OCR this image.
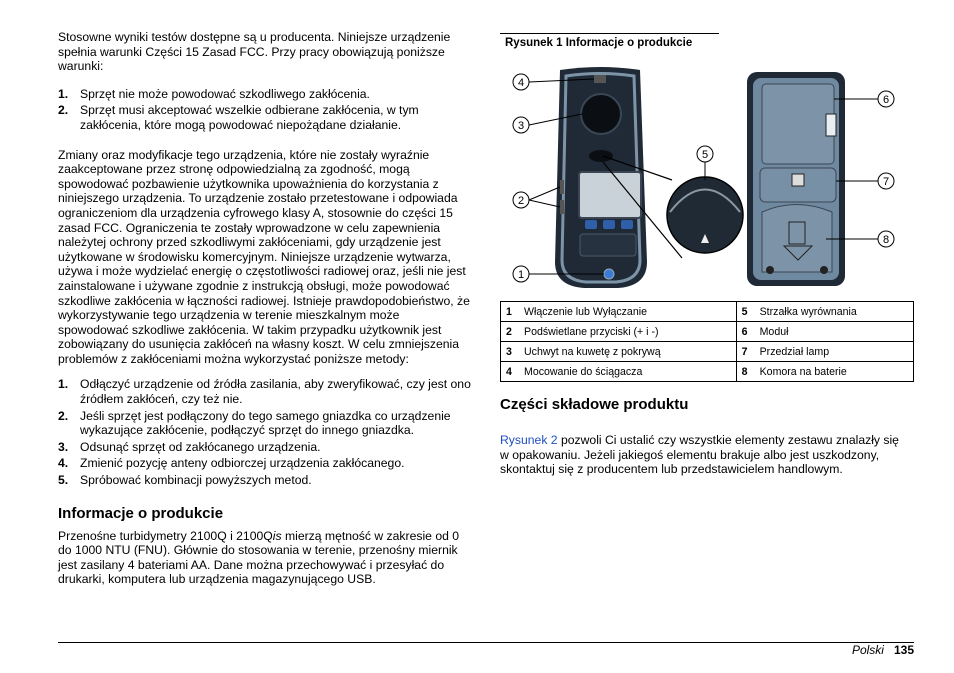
Stosowne wyniki testów dostępne są u producenta. Niniejsze urządzenie spełnia warunki Części 15 Zasad FCC. Przy pracy obowiązują poniższe warunki:

1. Sprzęt nie może powodować szkodliwego zakłócenia.
2. Sprzęt musi akceptować wszelkie odbierane zakłócenia, w tym zakłócenia, które mogą powodować niepożądane działanie.

Zmiany oraz modyfikacje tego urządzenia, które nie zostały wyraźnie zaakceptowane przez stronę odpowiedzialną za zgodność, mogą spowodować pozbawienie użytkownika upoważnienia do korzystania z niniejszego urządzenia. To urządzenie zostało przetestowane i odpowiada ograniczeniom dla urządzenia cyfrowego klasy A, stosownie do części 15 zasad FCC. Ograniczenia te zostały wprowadzone w celu zapewnienia należytej ochrony przed szkodliwymi zakłóceniami, gdy urządzenie jest użytkowane w środowisku komercyjnym. Niniejsze urządzenie wytwarza, używa i może wydzielać energię o częstotliwości radiowej oraz, jeśli nie jest zainstalowane i używane zgodnie z instrukcją obsługi, może powodować szkodliwe zakłócenia w łączności radiowej. Istnieje prawdopodobieństwo, że wykorzystywanie tego urządzenia w terenie mieszkalnym może spowodować szkodliwe zakłócenia. W takim przypadku użytkownik jest zobowiązany do usunięcia zakłóceń na własny koszt. W celu zmniejszenia problemów z zakłóceniami można wykorzystać poniższe metody:

1. Odłączyć urządzenie od źródła zasilania, aby zweryfikować, czy jest ono źródłem zakłóceń, czy też nie.
2. Jeśli sprzęt jest podłączony do tego samego gniazdka co urządzenie wykazujące zakłócenie, podłączyć sprzęt do innego gniazdka.
3. Odsunąć sprzęt od zakłócanego urządzenia.
4. Zmienić pozycję anteny odbiorczej urządzenia zakłócanego.
5. Spróbować kombinacji powyższych metod.
Informacje o produkcie

Przenośne turbidymetry 2100Q i 2100Qis mierzą mętność w zakresie od 0 do 1000 NTU (FNU). Głównie do stosowania w terenie, przenośny miernik jest zasilany 4 bateriami AA. Dane można przechowywać i przesyłać do drukarki, komputera lub urządzenia magazynującego USB.

Rysunek 1 Informacje o produkcie
4
3
2
1
5
6
7
8
1	Włączenie lub Wyłączanie	5	Strzałka wyrównania
2	Podświetlane przyciski (+ i -)	6	Moduł
3	Uchwyt na kuwetę z pokrywą	7	Przedział lamp
4	Mocowanie do ściągacza	8	Komora na baterie
Części składowe produktu

Rysunek 2 pozwoli Ci ustalić czy wszystkie elementy zestawu znalazły się w opakowaniu. Jeżeli jakiegoś elementu brakuje albo jest uszkodzony, skontaktuj się z producentem lub przedstawicielem handlowym.

Polski 135
